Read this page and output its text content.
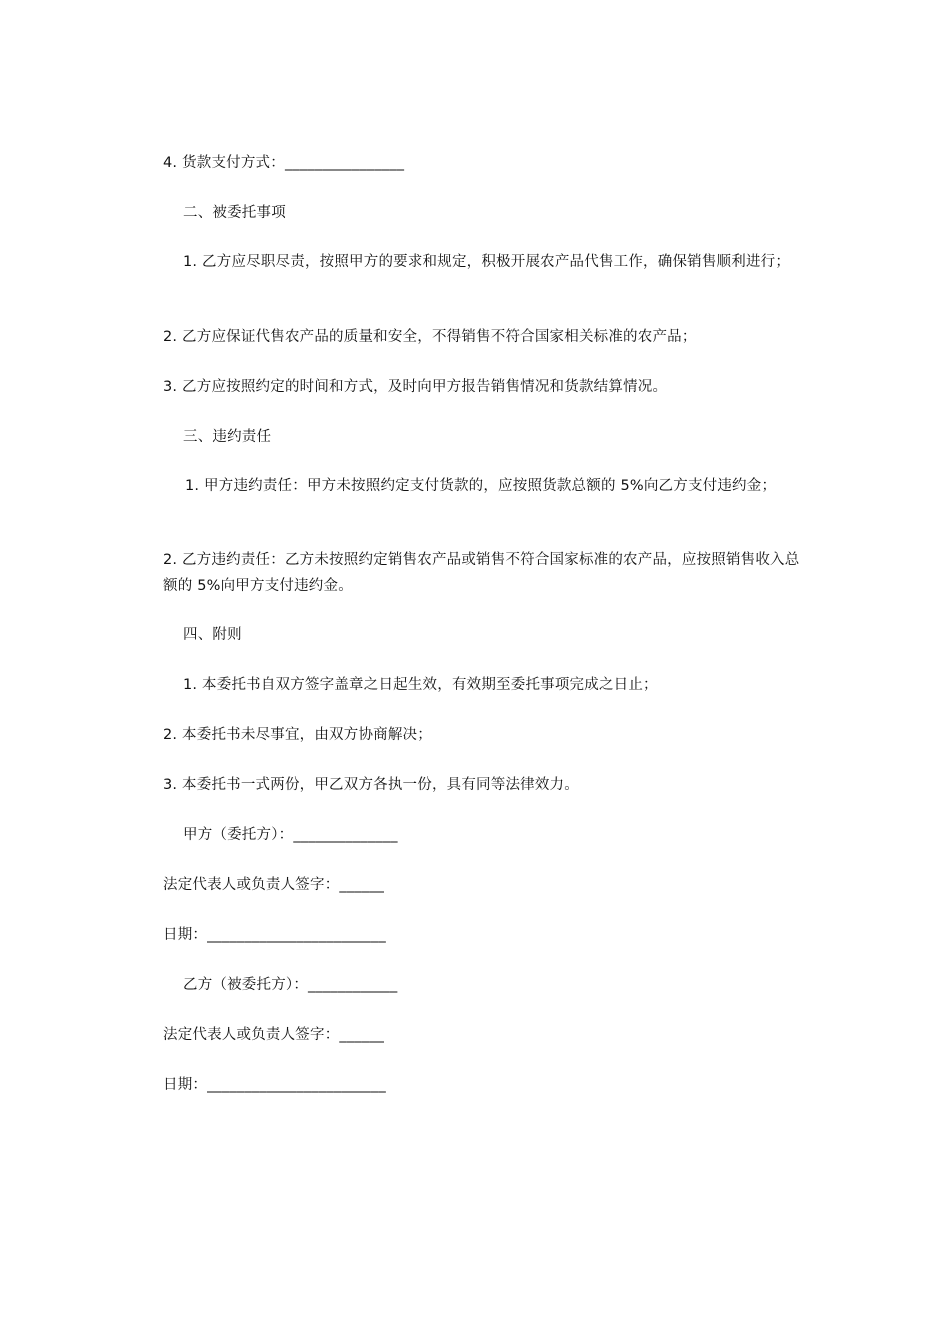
4. 货款支付方式：________________
二、被委托事项
1. 乙方应尽职尽责，按照甲方的要求和规定，积极开展农产品代售工作，确保销售顺利进行；
2. 乙方应保证代售农产品的质量和安全，不得销售不符合国家相关标准的农产品；
3. 乙方应按照约定的时间和方式，及时向甲方报告销售情况和货款结算情况。
三、违约责任
1. 甲方违约责任：甲方未按照约定支付货款的，应按照货款总额的 5%向乙方支付违约金；
2. 乙方违约责任：乙方未按照约定销售农产品或销售不符合国家标准的农产品，应按照销售收入总额的 5%向甲方支付违约金。
四、附则
1. 本委托书自双方签字盖章之日起生效，有效期至委托事项完成之日止；
2. 本委托书未尽事宜，由双方协商解决；
3. 本委托书一式两份，甲乙双方各执一份，具有同等法律效力。
甲方（委托方）：______________
法定代表人或负责人签字：______
日期：________________________
乙方（被委托方）：____________
法定代表人或负责人签字：______
日期：________________________
